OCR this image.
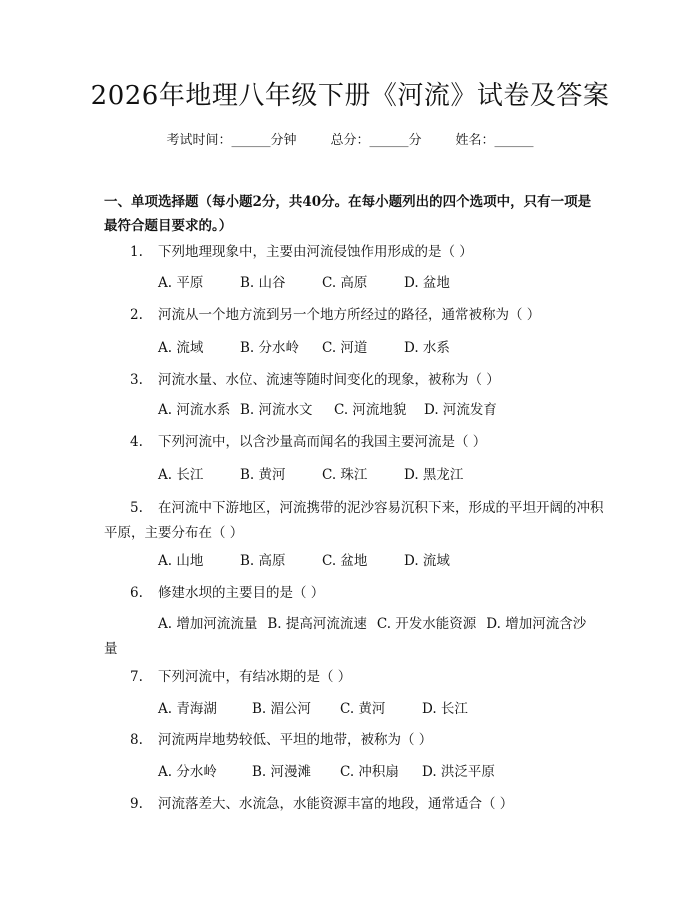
2026年地理八年级下册《河流》试卷及答案
考试时间：______分钟	总分：______分	姓名：______
一、单项选择题（每小题2分，共40分。在每小题列出的四个选项中，只有一项是最符合题目要求的。）
1. 下列地理现象中，主要由河流侵蚀作用形成的是（ ）
A. 平原	B. 山谷	C. 高原	D. 盆地
2. 河流从一个地方流到另一个地方所经过的路径，通常被称为（ ）
A. 流域	B. 分水岭 C. 河道	D. 水系
3. 河流水量、水位、流速等随时间变化的现象，被称为（ ）
A. 河流水系 B. 河流水文 C. 河流地貌 D. 河流发育
4. 下列河流中，以含沙量高而闻名的我国主要河流是（ ）
A. 长江	B. 黄河	C. 珠江	D. 黑龙江
5. 在河流中下游地区，河流携带的泥沙容易沉积下来，形成的平坦开阔的冲积平原，主要分布在（ ）
A. 山地	B. 高原	C. 盆地	D. 流域
6. 修建水坝的主要目的是（ ）
A. 增加河流流量 B. 提高河流流速 C. 开发水能资源 D. 增加河流含沙量
7. 下列河流中，有结冰期的是（ ）
A. 青海湖	B. 湄公河 C. 黄河	D. 长江
8. 河流两岸地势较低、平坦的地带，被称为（ ）
A. 分水岭	B. 河漫滩 C. 冲积扇 D. 洪泛平原
9. 河流落差大、水流急，水能资源丰富的地段，通常适合（ ）
